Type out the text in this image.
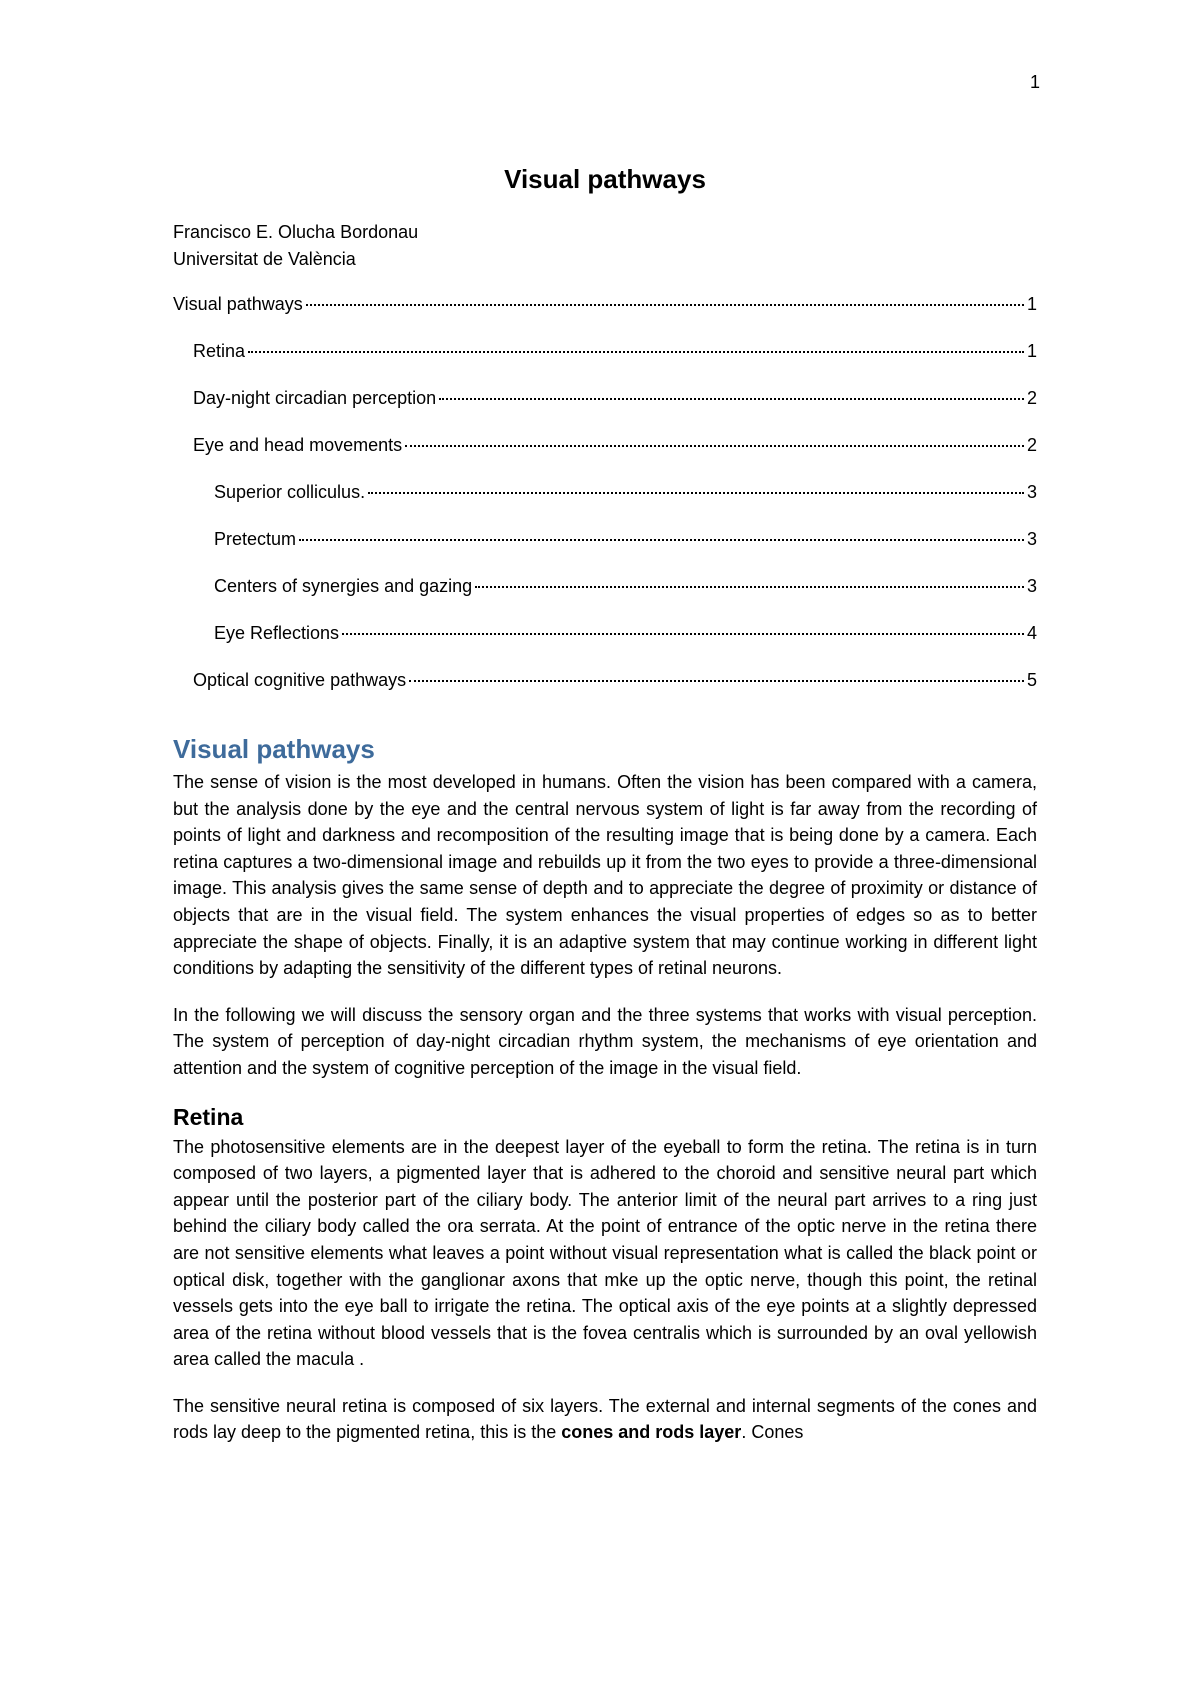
1
Visual pathways
Francisco E. Olucha Bordonau
Universitat de València
Visual pathways	1
Retina	1
Day-night circadian perception	2
Eye and head movements	2
Superior colliculus.	3
Pretectum	3
Centers of synergies and gazing	3
Eye Reflections	4
Optical cognitive pathways	5
Visual pathways

The sense of vision is the most developed in humans. Often the vision has been compared with a camera, but the analysis done by the eye and the central nervous system of light is far away from the recording of points of light and darkness and recomposition of the resulting image that is being done by a camera. Each retina captures a two-dimensional image and rebuilds up it from the two eyes to provide a three-dimensional image. This analysis gives the same sense of depth and to appreciate the degree of proximity or distance of objects that are in the visual field. The system enhances the visual properties of edges so as to better appreciate the shape of objects. Finally, it is an adaptive system that may continue working in different light conditions by adapting the sensitivity of the different types of retinal neurons.

In the following we will discuss the sensory organ and the three systems that works with visual perception. The system of perception of day-night circadian rhythm system, the mechanisms of eye orientation and attention and the system of cognitive perception of the image in the visual field.

Retina

The photosensitive elements are in the deepest layer of the eyeball to form the retina. The retina is in turn composed of two layers, a pigmented layer that is adhered to the choroid and sensitive neural part which appear until the posterior part of the ciliary body. The anterior limit of the neural part arrives to a ring just behind the ciliary body called the ora serrata. At the point of entrance of the optic nerve in the retina there are not sensitive elements what leaves a point without visual representation what is called the black point or optical disk, together with the ganglionar axons that mke up the optic nerve, though this point, the retinal vessels gets into the eye ball to irrigate the retina. The optical axis of the eye points at a slightly depressed area of the retina without blood vessels that is the fovea centralis which is surrounded by an oval yellowish area called the macula .

The sensitive neural retina is composed of six layers. The external and internal segments of the cones and rods lay deep to the pigmented retina, this is the cones and rods layer. Cones
